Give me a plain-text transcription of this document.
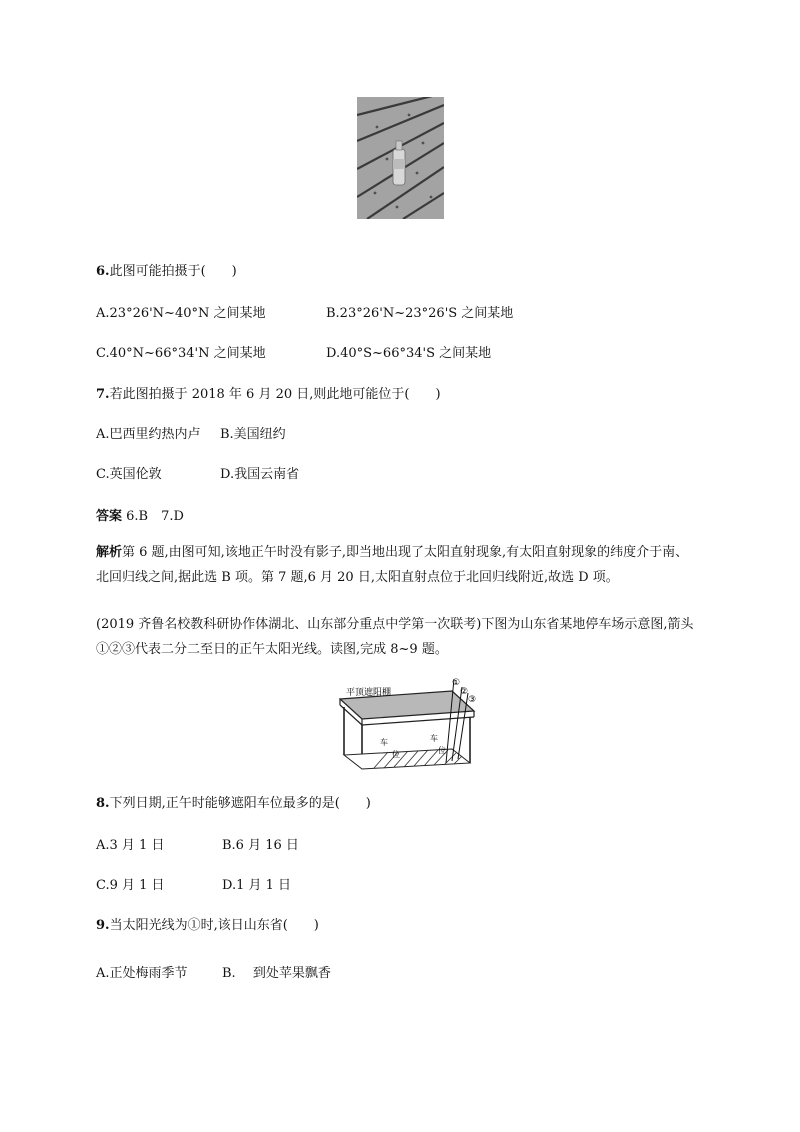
6.此图可能拍摄于(　　)
A.23°26'N~40°N 之间某地	B.23°26'N~23°26'S 之间某地
C.40°N~66°34'N 之间某地	D.40°S~66°34'S 之间某地
7.若此图拍摄于 2018 年 6 月 20 日,则此地可能位于(　　)
A.巴西里约热内卢 B.美国纽约
C.英国伦敦	D.我国云南省
答案 6.B　7.D
解析第 6 题,由图可知,该地正午时没有影子,即当地出现了太阳直射现象,有太阳直射现象的纬度介于南、北回归线之间,据此选 B 项。第 7 题,6 月 20 日,太阳直射点位于北回归线附近,故选 D 项。
(2019 齐鲁名校教科研协作体湖北、山东部分重点中学第一次联考)下图为山东省某地停车场示意图,箭头①②③代表二分二至日的正午太阳光线。读图,完成 8~9 题。
平顶遮阳棚
①
②
③
车
位
车
位
8.下列日期,正午时能够遮阳车位最多的是(　　)
A.3 月 1 日	B.6 月 16 日
C.9 月 1 日	D.1 月 1 日
9.当太阳光线为①时,该日山东省(　　)
A.正处梅雨季节	B.　 到处苹果飘香
